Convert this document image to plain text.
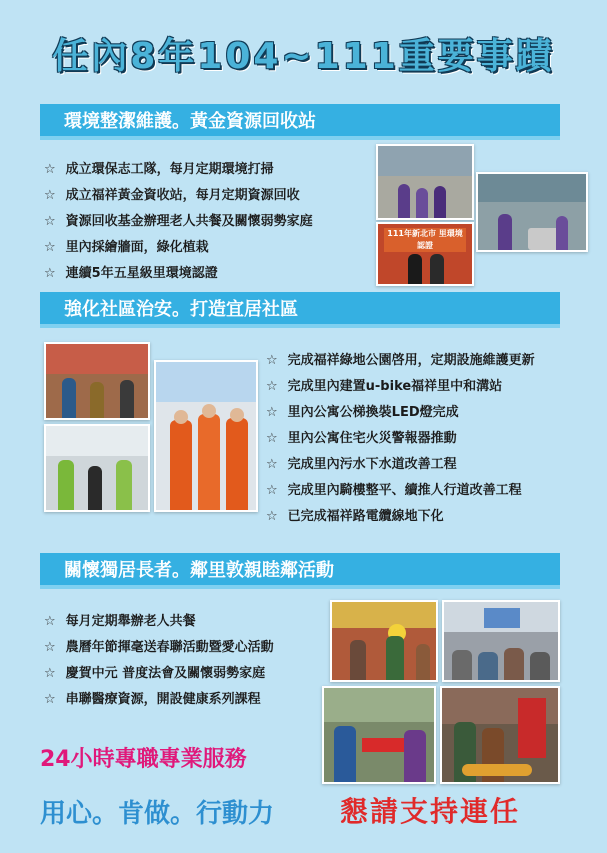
任內8年104~111重要事蹟
環境整潔維護。黃金資源回收站
☆ 成立環保志工隊，每月定期環境打掃
☆ 成立福祥黃金資收站，每月定期資源回收
☆ 資源回收基金辦理老人共餐及關懷弱勢家庭
☆ 里內採繪牆面，綠化植栽
☆ 連續5年五星級里環境認證
111年新北市 里環境認證
強化社區治安。打造宜居社區
☆ 完成福祥綠地公園啓用，定期設施維護更新
☆ 完成里內建置u-bike福祥里中和溝站
☆ 里內公寓公梯換裝LED燈完成
☆ 里內公寓住宅火災警報器推動
☆ 完成里內污水下水道改善工程
☆ 完成里內騎樓整平、續推人行道改善工程
☆ 已完成福祥路電纜線地下化
關懷獨居長者。鄰里敦親睦鄰活動
☆ 每月定期舉辦老人共餐
☆ 農曆年節揮毫送春聯活動暨愛心活動
☆ 慶賀中元 普度法會及關懷弱勢家庭
☆ 串聯醫療資源，開設健康系列課程
24小時專職專業服務
用心。肯做。行動力 懇請支持連任
